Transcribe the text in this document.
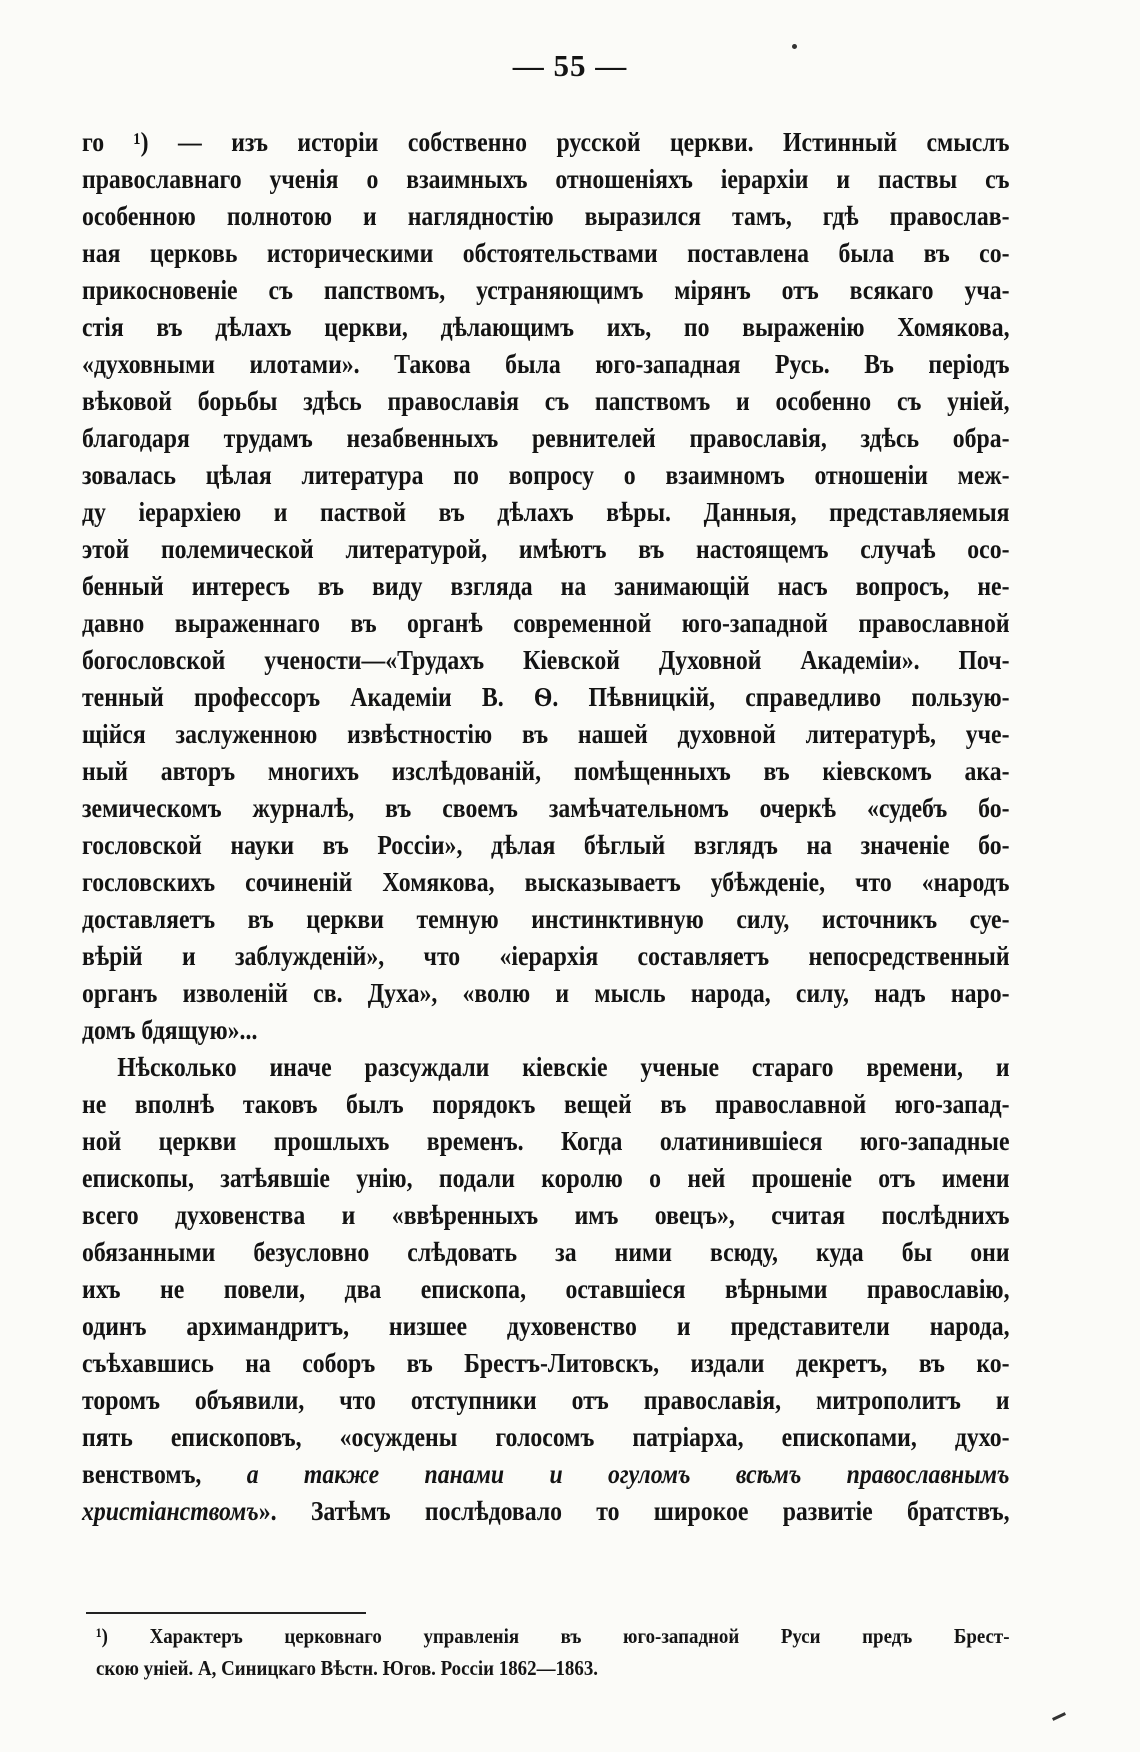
— 55 —
го ¹) — изъ исторіи собственно русской церкви. Истинный смыслъ
православнаго ученія о взаимныхъ отношеніяхъ іерархіи и паствы съ
особенною полнотою и наглядностію выразился тамъ, гдѣ православ-
ная церковь историческими обстоятельствами поставлена была въ со-
прикосновеніе съ папствомъ, устраняющимъ мірянъ отъ всякаго уча-
стія въ дѣлахъ церкви, дѣлающимъ ихъ, по выраженію Хомякова,
«духовными илотами». Такова была юго-западная Русь. Въ періодъ
вѣковой борьбы здѣсь православія съ папствомъ и особенно съ уніей,
благодаря трудамъ незабвенныхъ ревнителей православія, здѣсь обра-
зовалась цѣлая литература по вопросу о взаимномъ отношеніи меж-
ду іерархіею и паствой въ дѣлахъ вѣры. Данныя, представляемыя
этой полемической литературой, имѣютъ въ настоящемъ случаѣ осо-
бенный интересъ въ виду взгляда на занимающій насъ вопросъ, не-
давно выраженнаго въ органѣ современной юго-западной православной
богословской учености—«Трудахъ Кіевской Духовной Академіи». Поч-
тенный профессоръ Академіи В. Ѳ. Пѣвницкій, справедливо пользую-
щійся заслуженною извѣстностію въ нашей духовной литературѣ, уче-
ный авторъ многихъ изслѣдованій, помѣщенныхъ въ кіевскомъ ака-
земическомъ журналѣ, въ своемъ замѣчательномъ очеркѣ «судебъ бо-
гословской науки въ Россіи», дѣлая бѣглый взглядъ на значеніе бо-
гословскихъ сочиненій Хомякова, высказываетъ убѣжденіе, что «народъ
доставляетъ въ церкви темную инстинктивную силу, источникъ суе-
вѣрій и заблужденій», что «іерархія составляетъ непосредственный
органъ изволеній св. Духа», «волю и мысль народа, силу, надъ наро-
домъ бдящую»...
Нѣсколько иначе разсуждали кіевскіе ученые стараго времени, и
не вполнѣ таковъ былъ порядокъ вещей въ православной юго-запад-
ной церкви прошлыхъ временъ. Когда олатинившіеся юго-западные
епископы, затѣявшіе унію, подали королю о ней прошеніе отъ имени
всего духовенства и «ввѣренныхъ имъ овецъ», считая послѣднихъ
обязанными безусловно слѣдовать за ними всюду, куда бы они
ихъ не повели, два епископа, оставшіеся вѣрными православію,
одинъ архимандритъ, низшее духовенство и представители народа,
съѣхавшись на соборъ въ Брестъ-Литовскъ, издали декретъ, въ ко-
торомъ объявили, что отступники отъ православія, митрополитъ и
пять епископовъ, «осуждены голосомъ патріарха, епископами, духо-
венствомъ, а также панами и огуломъ всѣмъ православнымъ
христіанствомъ». Затѣмъ послѣдовало то широкое развитіе братствъ,
¹) Характеръ церковнаго управленія въ юго-западной Руси предъ Брест-
скою уніей. А, Синицкаго Вѣстн. Югов. Россіи 1862—1863.
